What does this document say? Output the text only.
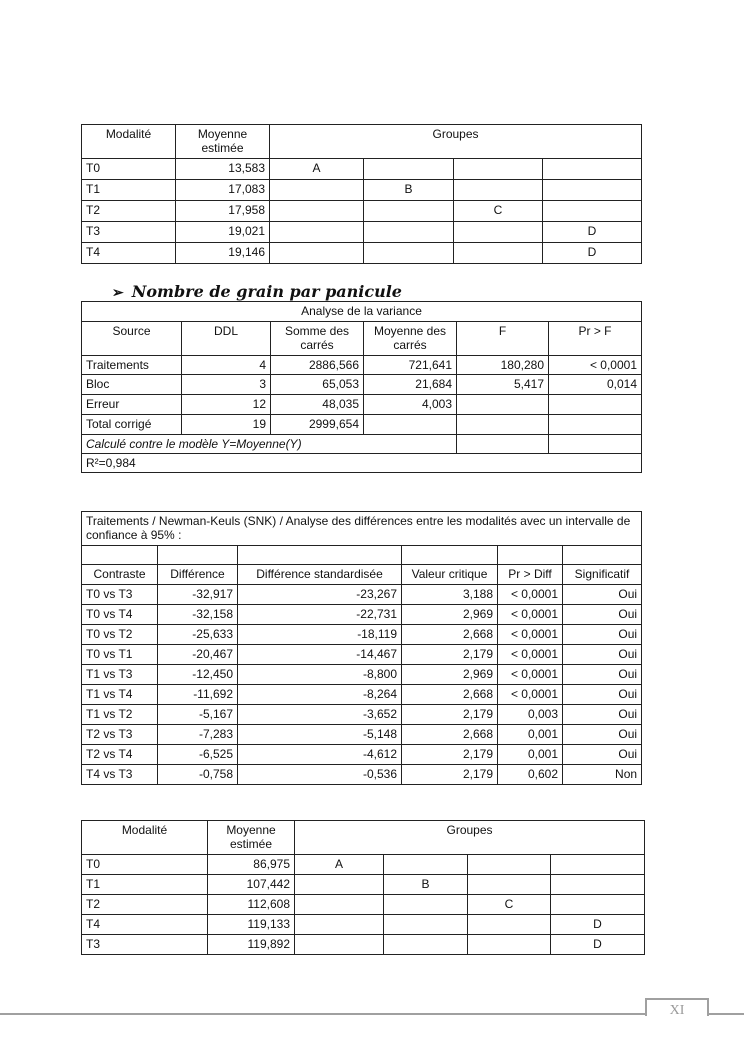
Modalité	Moyenne estimée	Groupes			
T0	13,583	A			
T1	17,083		B		
T2	17,958			C	
T3	19,021				D
T4	19,146				D
➢ Nombre de grain par panicule
Analyse de la variance					
Source	DDL	Somme des carrés	Moyenne des carrés	F	Pr > F
Traitements	4	2886,566	721,641	180,280	< 0,0001
Bloc	3	65,053	21,684	5,417	0,014
Erreur	12	48,035	4,003		
Total corrigé	19	2999,654			
Calculé contre le modèle Y=Moyenne(Y)					
R²=0,984					
Traitements / Newman-Keuls (SNK) / Analyse des différences entre les modalités avec un intervalle de confiance à 95% :					

Contraste	Différence	Différence standardisée	Valeur critique	Pr > Diff	Significatif
T0 vs T3	-32,917	-23,267	3,188	< 0,0001	Oui
T0 vs T4	-32,158	-22,731	2,969	< 0,0001	Oui
T0 vs T2	-25,633	-18,119	2,668	< 0,0001	Oui
T0 vs T1	-20,467	-14,467	2,179	< 0,0001	Oui
T1 vs T3	-12,450	-8,800	2,969	< 0,0001	Oui
T1 vs T4	-11,692	-8,264	2,668	< 0,0001	Oui
T1 vs T2	-5,167	-3,652	2,179	0,003	Oui
T2 vs T3	-7,283	-5,148	2,668	0,001	Oui
T2 vs T4	-6,525	-4,612	2,179	0,001	Oui
T4 vs T3	-0,758	-0,536	2,179	0,602	Non
Modalité	Moyenne estimée	Groupes			
T0	86,975	A			
T1	107,442		B		
T2	112,608			C	
T4	119,133				D
T3	119,892				D
XI
